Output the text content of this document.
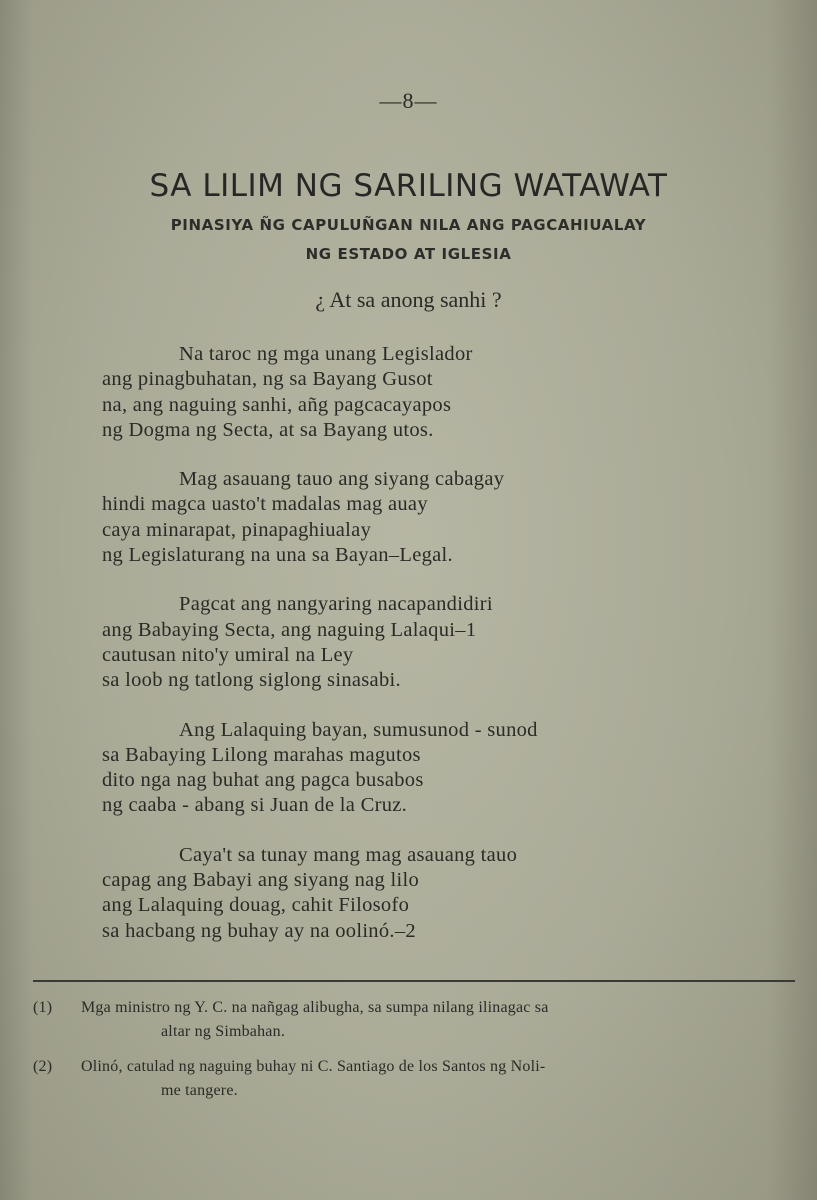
—8—
SA LILIM NG SARILING WATAWAT
PINASIYA ÑG CAPULUÑGAN NILA ANG PAGCAHIUALAY
NG ESTADO AT IGLESIA
¿ At sa anong sanhi ?
Na taroc ng mga unang Legislador
ang pinagbuhatan, ng sa Bayang Gusot
na, ang naguing sanhi, añg pagcacayapos
ng Dogma ng Secta, at sa Bayang utos.
Mag asauang tauo ang siyang cabagay
hindi magca uasto't madalas mag auay
caya minarapat, pinapaghiualay
ng Legislaturang na una sa Bayan–Legal.
Pagcat ang nangyaring nacapandidiri
ang Babaying Secta, ang naguing Lalaqui–1
cautusan nito'y umiral na Ley
sa loob ng tatlong siglong sinasabi.
Ang Lalaquing bayan, sumusunod - sunod
sa Babaying Lilong marahas magutos
dito nga nag buhat ang pagca busabos
ng caaba - abang si Juan de la Cruz.
Caya't sa tunay mang mag asauang tauo
capag ang Babayi ang siyang nag lilo
ang Lalaquing douag, cahit Filosofo
sa hacbang ng buhay ay na oolinó.–2
(1)	Mga ministro ng Y. C. na nañgag alibugha, sa sumpa nilang ilinagac sa
altar ng Simbahan.
(2)	Olinó, catulad ng naguing buhay ni C. Santiago de los Santos ng Noli-
me tangere.
